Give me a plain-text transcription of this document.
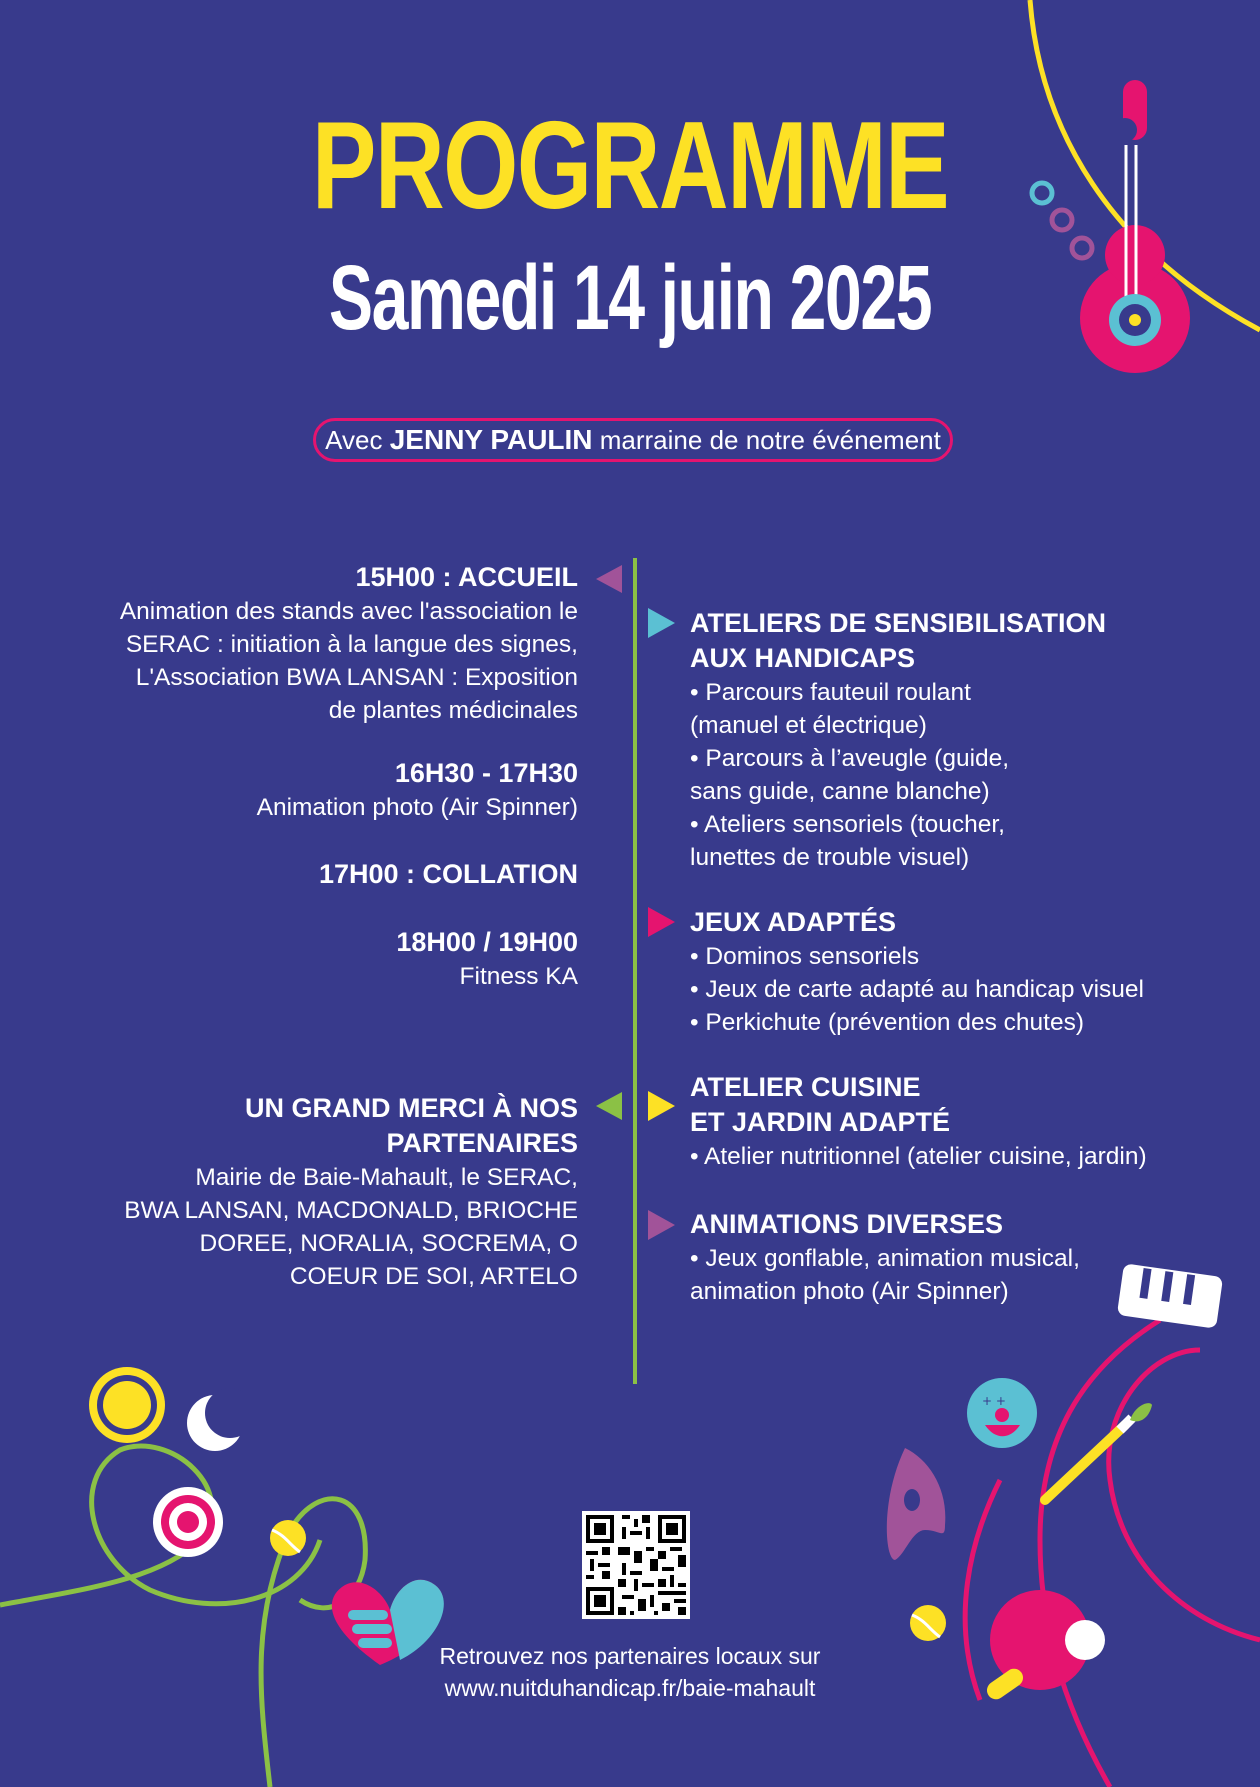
+ +
PROGRAMME
Samedi 14 juin 2025
Avec JENNY PAULIN marraine de notre événement
15H00 : ACCUEIL
Animation des stands avec l'association le
SERAC : initiation à la langue des signes,
L'Association BWA LANSAN : Exposition
de plantes médicinales
16H30 - 17H30
Animation photo (Air Spinner)
17H00 : COLLATION
18H00 / 19H00
Fitness KA
UN GRAND MERCI À NOS
PARTENAIRES
Mairie de Baie-Mahault, le SERAC,
BWA LANSAN, MACDONALD, BRIOCHE
DOREE, NORALIA, SOCREMA, O
COEUR DE SOI, ARTELO
ATELIERS DE SENSIBILISATION
AUX HANDICAPS
• Parcours fauteuil roulant
(manuel et électrique)
• Parcours à l’aveugle (guide,
sans guide, canne blanche)
• Ateliers sensoriels (toucher,
lunettes de trouble visuel)
JEUX ADAPTÉS
• Dominos sensoriels
• Jeux de carte adapté au handicap visuel
• Perkichute (prévention des chutes)
ATELIER CUISINE
ET JARDIN ADAPTÉ
• Atelier nutritionnel (atelier cuisine, jardin)
ANIMATIONS DIVERSES
• Jeux gonflable, animation musical,
animation photo (Air Spinner)
Retrouvez nos partenaires locaux sur
www.nuitduhandicap.fr/baie-mahault
